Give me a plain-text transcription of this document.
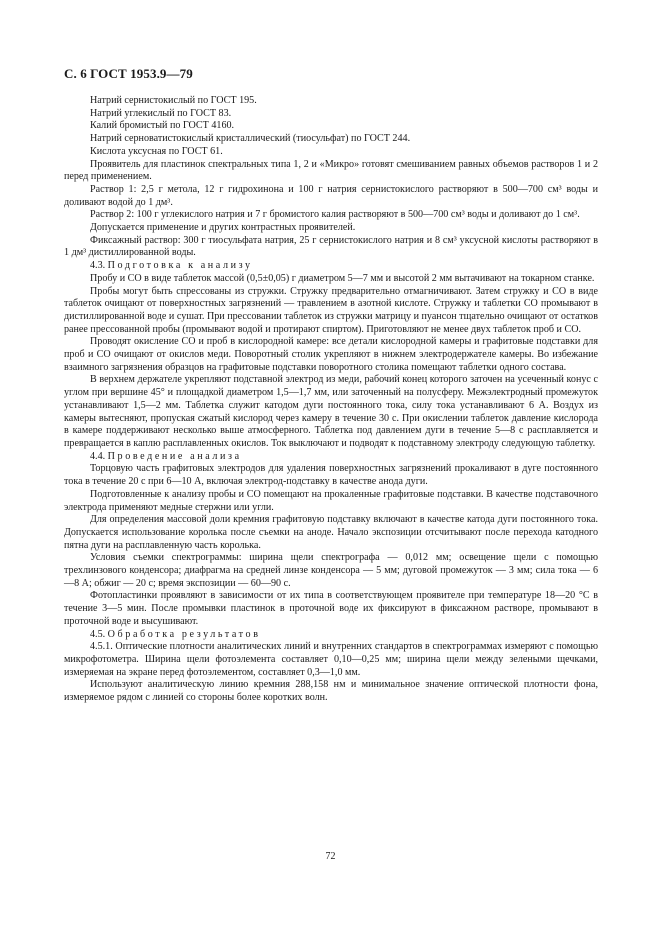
С. 6 ГОСТ 1953.9—79

Натрий сернистокислый по ГОСТ 195.

Натрий углекислый по ГОСТ 83.

Калий бромистый по ГОСТ 4160.

Натрий серноватистокислый кристаллический (тиосульфат) по ГОСТ 244.

Кислота уксусная по ГОСТ 61.

Проявитель для пластинок спектральных типа 1, 2 и «Микро» готовят смешиванием равных объемов растворов 1 и 2 перед применением.

Раствор 1: 2,5 г метола, 12 г гидрохинона и 100 г натрия сернистокислого растворяют в 500—700 см³ воды и доливают водой до 1 дм³.

Раствор 2: 100 г углекислого натрия и 7 г бромистого калия растворяют в 500—700 см³ воды и доливают до 1 см³.

Допускается применение и других контрастных проявителей.

Фиксажный раствор: 300 г тиосульфата натрия, 25 г сернистокислого натрия и 8 см³ уксусной кислоты растворяют в 1 дм³ дистиллированной воды.

4.3. Подготовка к анализу

Пробу и СО в виде таблеток массой (0,5±0,05) г диаметром 5—7 мм и высотой 2 мм вытачивают на токарном станке.

Пробы могут быть спрессованы из стружки. Стружку предварительно отмагничивают. Затем стружку и СО в виде таблеток очищают от поверхностных загрязнений — травлением в азотной кислоте. Стружку и таблетки СО промывают в дистиллированной воде и сушат. При прессовании таблеток из стружки матрицу и пуансон тщательно очищают от остатков ранее прессованной пробы (промывают водой и протирают спиртом). Приготовляют не менее двух таблеток проб и СО.

Проводят окисление СО и проб в кислородной камере: все детали кислородной камеры и графитовые подставки для проб и СО очищают от окислов меди. Поворотный столик укрепляют в нижнем электродержателе камеры. Во избежание взаимного загрязнения образцов на графитовые подставки поворотного столика помещают таблетки одного состава.

В верхнем держателе укрепляют подставной электрод из меди, рабочий конец которого заточен на усеченный конус с углом при вершине 45° и площадкой диаметром 1,5—1,7 мм, или заточенный на полусферу. Межэлектродный промежуток устанавливают 1,5—2 мм. Таблетка служит катодом дуги постоянного тока, силу тока устанавливают 6 А. Воздух из камеры вытесняют, пропуская сжатый кислород через камеру в течение 30 с. При окислении таблеток давление кислорода в камере поддерживают несколько выше атмосферного. Таблетка под давлением дуги в течение 5—8 с расплавляется и превращается в каплю расплавленных окислов. Ток выключают и подводят к подставному электроду следующую таблетку.

4.4. Проведение анализа

Торцовую часть графитовых электродов для удаления поверхностных загрязнений прокаливают в дуге постоянного тока в течение 20 с при 6—10 А, включая электрод-подставку в качестве анода дуги.

Подготовленные к анализу пробы и СО помещают на прокаленные графитовые подставки. В качестве подставочного электрода применяют медные стержни или угли.

Для определения массовой доли кремния графитовую подставку включают в качестве катода дуги постоянного тока. Допускается использование королька после съемки на аноде. Начало экспозиции отсчитывают после перехода катодного пятна дуги на расплавленную часть королька.

Условия съемки спектрограммы: ширина щели спектрографа — 0,012 мм; освещение щели с помощью трехлинзового конденсора; диафрагма на средней линзе конденсора — 5 мм; дуговой промежуток — 3 мм; сила тока — 6—8 А; обжиг — 20 с; время экспозиции — 60—90 с.

Фотопластинки проявляют в зависимости от их типа в соответствующем проявителе при температуре 18—20 °С в течение 3—5 мин. После промывки пластинок в проточной воде их фиксируют в фиксажном растворе, промывают в проточной воде и высушивают.

4.5. Обработка результатов

4.5.1. Оптические плотности аналитических линий и внутренних стандартов в спектрограммах измеряют с помощью микрофотометра. Ширина щели фотоэлемента составляет 0,10—0,25 мм; ширина щели между зелеными щечками, измеряемая на экране перед фотоэлементом, составляет 0,3—1,0 мм.

Используют аналитическую линию кремния 288,158 нм и минимальное значение оптической плотности фона, измеряемое рядом с линией со стороны более коротких волн.

72
